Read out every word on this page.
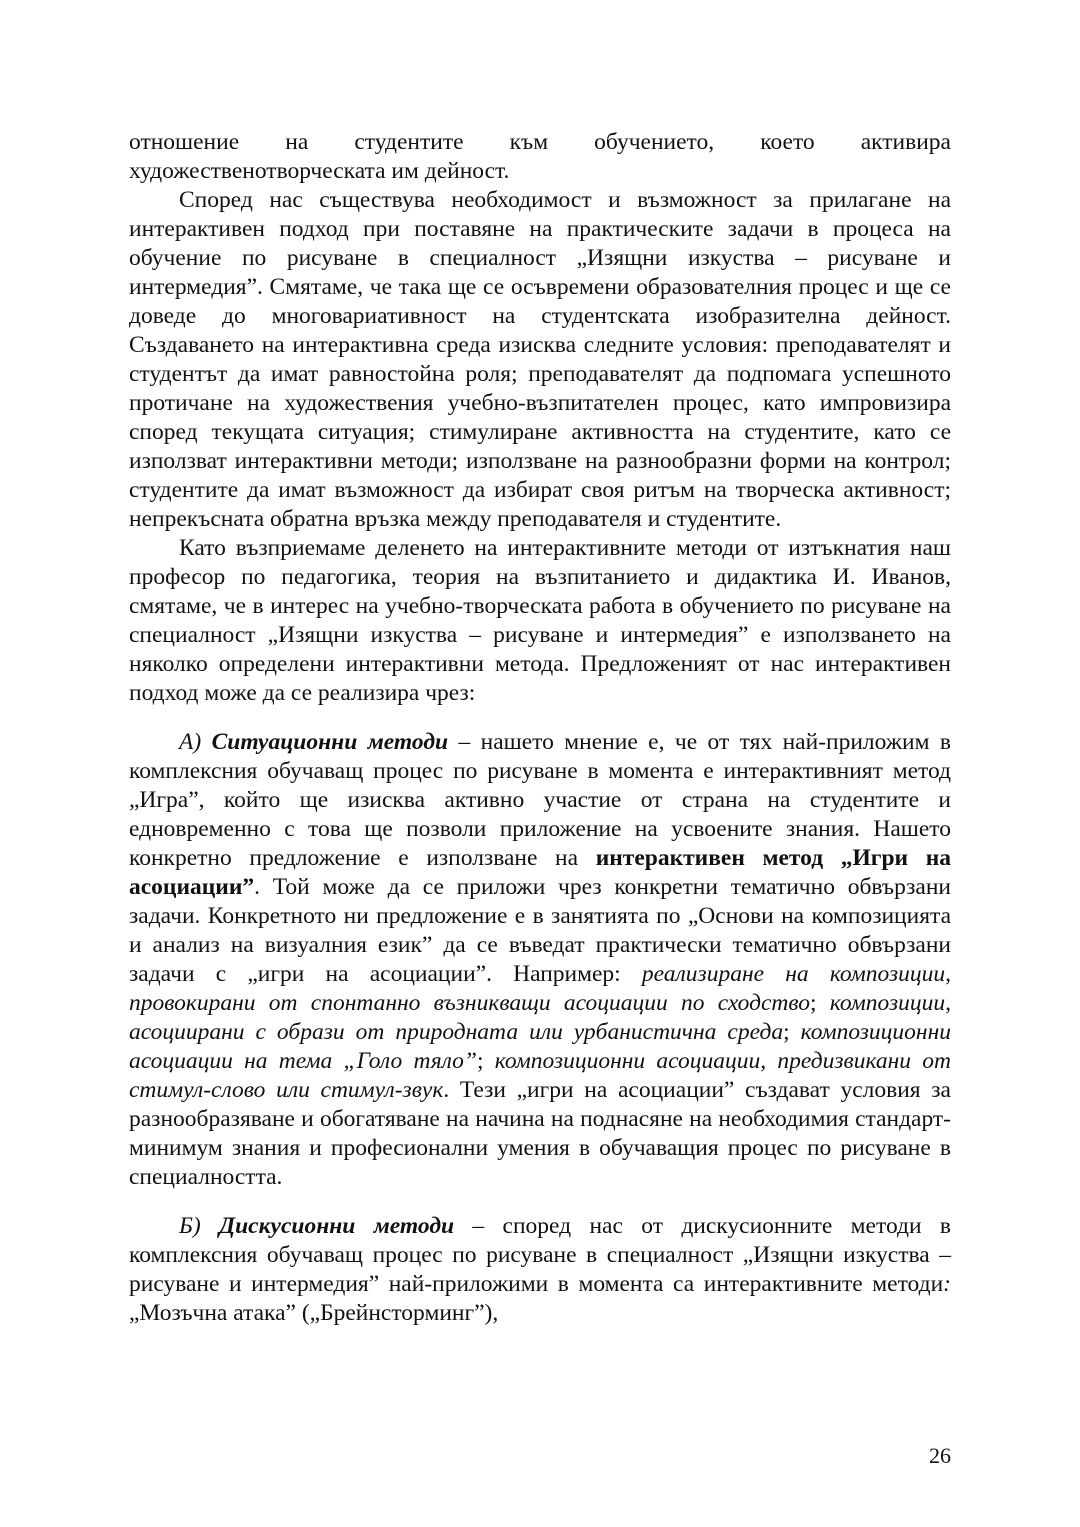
отношение на студентите към обучението, което активира художественотворческата им дейност.

Според нас съществува необходимост и възможност за прилагане на интерактивен подход при поставяне на практическите задачи в процеса на обучение по рисуване в специалност „Изящни изкуства – рисуване и интермедия”. Смятаме, че така ще се осъвремени образователния процес и ще се доведе до многовариативност на студентската изобразителна дейност. Създаването на интерактивна среда изисква следните условия: преподавателят и студентът да имат равностойна роля; преподавателят да подпомага успешното протичане на художествения учебно-възпитателен процес, като импровизира според текущата ситуация; стимулиране активността на студентите, като се използват интерактивни методи; използване на разнообразни форми на контрол; студентите да имат възможност да избират своя ритъм на творческа активност; непрекъсната обратна връзка между преподавателя и студентите.

Като възприемаме деленето на интерактивните методи от изтъкнатия наш професор по педагогика, теория на възпитанието и дидактика И. Иванов, смятаме, че в интерес на учебно-творческата работа в обучението по рисуване на специалност „Изящни изкуства – рисуване и интермедия” е използването на няколко определени интерактивни метода. Предложеният от нас интерактивен подход може да се реализира чрез:

А) Ситуационни методи – нашето мнение е, че от тях най-приложим в комплексния обучаващ процес по рисуване в момента е интерактивният метод „Игра”, който ще изисква активно участие от страна на студентите и едновременно с това ще позволи приложение на усвоените знания. Нашето конкретно предложение е използване на интерактивен метод „Игри на асоциации”. Той може да се приложи чрез конкретни тематично обвързани задачи. Конкретното ни предложение е в занятията по „Основи на композицията и анализ на визуалния език” да се въведат практически тематично обвързани задачи с „игри на асоциации”. Например: реализиране на композиции, провокирани от спонтанно възникващи асоциации по сходство; композиции, асоциирани с образи от природната или урбанистична среда; композиционни асоциации на тема „Голо тяло”; композиционни асоциации, предизвикани от стимул-слово или стимул-звук. Тези „игри на асоциации” създават условия за разнообразяване и обогатяване на начина на поднасяне на необходимия стандарт-минимум знания и професионални умения в обучаващия процес по рисуване в специалността.

Б) Дискусионни методи – според нас от дискусионните методи в комплексния обучаващ процес по рисуване в специалност „Изящни изкуства – рисуване и интермедия” най-приложими в момента са интерактивните методи: „Мозъчна атака” („Брейнсторминг”),

26
